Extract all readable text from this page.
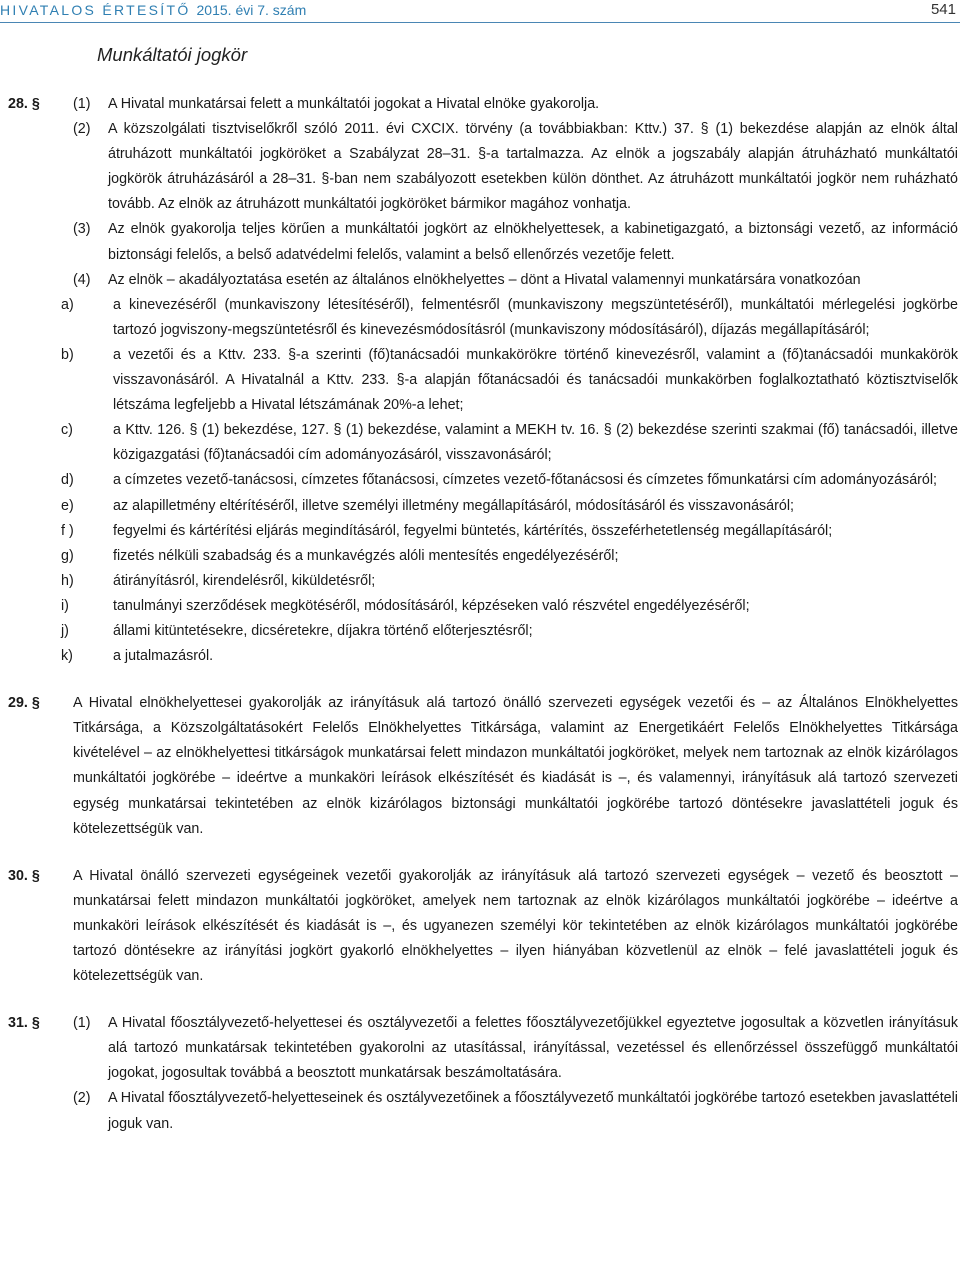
HIVATALOS ÉRTESÍTŐ 2015. évi 7. szám	541
Munkáltatói jogkör
28. §	(1)	A Hivatal munkatársai felett a munkáltatói jogokat a Hivatal elnöke gyakorolja.
(2)	A közszolgálati tisztviselőkről szóló 2011. évi CXCIX. törvény (a továbbiakban: Kttv.) 37. § (1) bekezdése alapján az elnök által átruházott munkáltatói jogköröket a Szabályzat 28–31. §-a tartalmazza. Az elnök a jogszabály alapján átruházható munkáltatói jogkörök átruházásáról a 28–31. §-ban nem szabályozott esetekben külön dönthet. Az átruházott munkáltatói jogkör nem ruházható tovább. Az elnök az átruházott munkáltatói jogköröket bármikor magához vonhatja.
(3)	Az elnök gyakorolja teljes körűen a munkáltatói jogkört az elnökhelyettesek, a kabinetigazgató, a biztonsági vezető, az információ biztonsági felelős, a belső adatvédelmi felelős, valamint a belső ellenőrzés vezetője felett.
(4)	Az elnök – akadályoztatása esetén az általános elnökhelyettes – dönt a Hivatal valamennyi munkatársára vonatkozóan
a)	a kinevezéséről (munkaviszony létesítéséről), felmentésről (munkaviszony megszüntetéséről), munkáltatói mérlegelési jogkörbe tartozó jogviszony-megszüntetésről és kinevezésmódosításról (munkaviszony módosításáról), díjazás megállapításáról;
b)	a vezetői és a Kttv. 233. §-a szerinti (fő)tanácsadói munkakörökre történő kinevezésről, valamint a (fő)tanácsadói munkakörök visszavonásáról. A Hivatalnál a Kttv. 233. §-a alapján főtanácsadói és tanácsadói munkakörben foglalkoztatható köztisztviselők létszáma legfeljebb a Hivatal létszámának 20%-a lehet;
c)	a Kttv. 126. § (1) bekezdése, 127. § (1) bekezdése, valamint a MEKH tv. 16. § (2) bekezdése szerinti szakmai (fő) tanácsadói, illetve közigazgatási (fő)tanácsadói cím adományozásáról, visszavonásáról;
d)	a címzetes vezető-tanácsosi, címzetes főtanácsosi, címzetes vezető-főtanácsosi és címzetes főmunkatársi cím adományozásáról;
e)	az alapilletmény eltérítéséről, illetve személyi illetmény megállapításáról, módosításáról és visszavonásáról;
f )	fegyelmi és kártérítési eljárás megindításáról, fegyelmi büntetés, kártérítés, összeférhetetlenség megállapításáról;
g)	fizetés nélküli szabadság és a munkavégzés alóli mentesítés engedélyezéséről;
h)	átirányításról, kirendelésről, kiküldetésről;
i)	tanulmányi szerződések megkötéséről, módosításáról, képzéseken való részvétel engedélyezéséről;
j)	állami kitüntetésekre, dicséretekre, díjakra történő előterjesztésről;
k)	a jutalmazásról.
29. §	A Hivatal elnökhelyettesei gyakorolják az irányításuk alá tartozó önálló szervezeti egységek vezetői és – az Általános Elnökhelyettes Titkársága, a Közszolgáltatásokért Felelős Elnökhelyettes Titkársága, valamint az Energetikáért Felelős Elnökhelyettes Titkársága kivételével – az elnökhelyettesi titkárságok munkatársai felett mindazon munkáltatói jogköröket, melyek nem tartoznak az elnök kizárólagos munkáltatói jogkörébe – ideértve a munkaköri leírások elkészítését és kiadását is –, és valamennyi, irányításuk alá tartozó szervezeti egység munkatársai tekintetében az elnök kizárólagos biztonsági munkáltatói jogkörébe tartozó döntésekre javaslattételi joguk és kötelezettségük van.
30. §	A Hivatal önálló szervezeti egységeinek vezetői gyakorolják az irányításuk alá tartozó szervezeti egységek – vezető és beosztott – munkatársai felett mindazon munkáltatói jogköröket, amelyek nem tartoznak az elnök kizárólagos munkáltatói jogkörébe – ideértve a munkaköri leírások elkészítését és kiadását is –, és ugyanezen személyi kör tekintetében az elnök kizárólagos munkáltatói jogkörébe tartozó döntésekre az irányítási jogkört gyakorló elnökhelyettes – ilyen hiányában közvetlenül az elnök – felé javaslattételi joguk és kötelezettségük van.
31. §	(1)	A Hivatal főosztályvezető-helyettesei és osztályvezetői a felettes főosztályvezetőjükkel egyeztetve jogosultak a közvetlen irányításuk alá tartozó munkatársak tekintetében gyakorolni az utasítással, irányítással, vezetéssel és ellenőrzéssel összefüggő munkáltatói jogokat, jogosultak továbbá a beosztott munkatársak beszámoltatására.
(2)	A Hivatal főosztályvezető-helyetteseinek és osztályvezetőinek a főosztályvezető munkáltatói jogkörébe tartozó esetekben javaslattételi joguk van.
